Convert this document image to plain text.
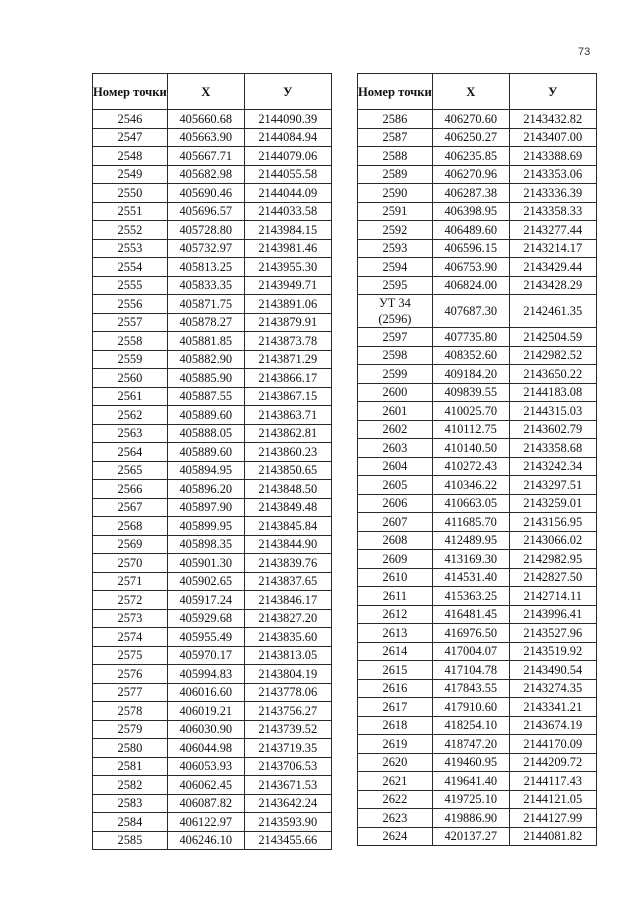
73
Номер точки	X	У
2546	405660.68	2144090.39
2547	405663.90	2144084.94
2548	405667.71	2144079.06
2549	405682.98	2144055.58
2550	405690.46	2144044.09
2551	405696.57	2144033.58
2552	405728.80	2143984.15
2553	405732.97	2143981.46
2554	405813.25	2143955.30
2555	405833.35	2143949.71
2556	405871.75	2143891.06
2557	405878.27	2143879.91
2558	405881.85	2143873.78
2559	405882.90	2143871.29
2560	405885.90	2143866.17
2561	405887.55	2143867.15
2562	405889.60	2143863.71
2563	405888.05	2143862.81
2564	405889.60	2143860.23
2565	405894.95	2143850.65
2566	405896.20	2143848.50
2567	405897.90	2143849.48
2568	405899.95	2143845.84
2569	405898.35	2143844.90
2570	405901.30	2143839.76
2571	405902.65	2143837.65
2572	405917.24	2143846.17
2573	405929.68	2143827.20
2574	405955.49	2143835.60
2575	405970.17	2143813.05
2576	405994.83	2143804.19
2577	406016.60	2143778.06
2578	406019.21	2143756.27
2579	406030.90	2143739.52
2580	406044.98	2143719.35
2581	406053.93	2143706.53
2582	406062.45	2143671.53
2583	406087.82	2143642.24
2584	406122.97	2143593.90
2585	406246.10	2143455.66
Номер точки	X	У
2586	406270.60	2143432.82
2587	406250.27	2143407.00
2588	406235.85	2143388.69
2589	406270.96	2143353.06
2590	406287.38	2143336.39
2591	406398.95	2143358.33
2592	406489.60	2143277.44
2593	406596.15	2143214.17
2594	406753.90	2143429.44
2595	406824.00	2143428.29
УТ 34
(2596)	407687.30	2142461.35

2597	407735.80	2142504.59
2598	408352.60	2142982.52
2599	409184.20	2143650.22
2600	409839.55	2144183.08
2601	410025.70	2144315.03
2602	410112.75	2143602.79
2603	410140.50	2143358.68
2604	410272.43	2143242.34
2605	410346.22	2143297.51
2606	410663.05	2143259.01
2607	411685.70	2143156.95
2608	412489.95	2143066.02
2609	413169.30	2142982.95
2610	414531.40	2142827.50
2611	415363.25	2142714.11
2612	416481.45	2143996.41
2613	416976.50	2143527.96
2614	417004.07	2143519.92
2615	417104.78	2143490.54
2616	417843.55	2143274.35
2617	417910.60	2143341.21
2618	418254.10	2143674.19
2619	418747.20	2144170.09
2620	419460.95	2144209.72
2621	419641.40	2144117.43
2622	419725.10	2144121.05
2623	419886.90	2144127.99
2624	420137.27	2144081.82
